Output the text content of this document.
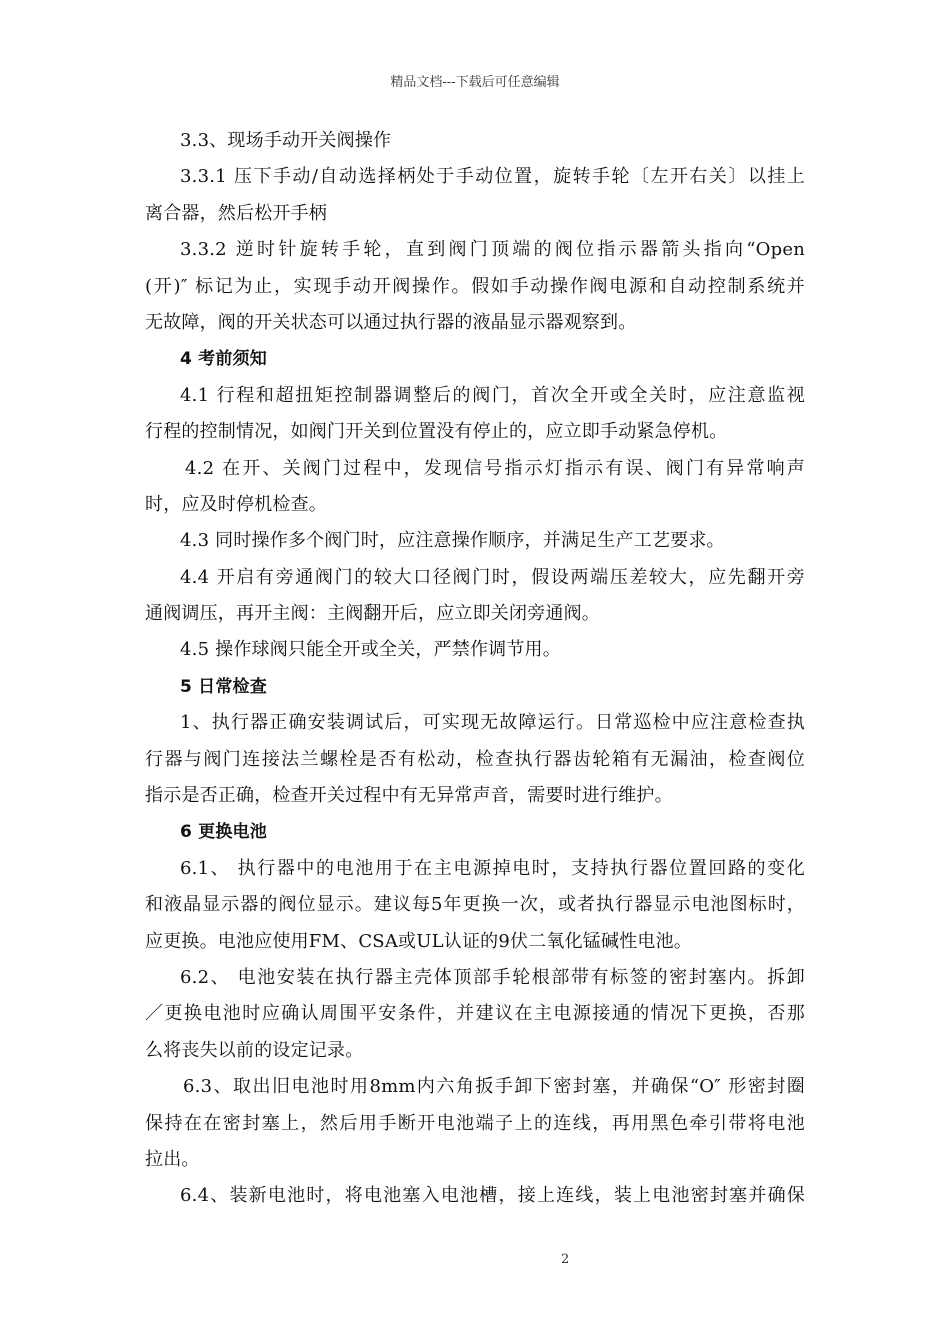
精品文档---下载后可任意编辑
3.3、现场手动开关阀操作
3.3.1 压下手动/自动选择柄处于手动位置，旋转手轮〔左开右关〕以挂上
离合器，然后松开手柄
3.3.2 逆时针旋转手轮，直到阀门顶端的阀位指示器箭头指向“Open
(开)″ 标记为止，实现手动开阀操作。假如手动操作阀电源和自动控制系统并
无故障，阀的开关状态可以通过执行器的液晶显示器观察到。
4 考前须知
4.1 行程和超扭矩控制器调整后的阀门，首次全开或全关时，应注意监视
行程的控制情况，如阀门开关到位置没有停止的，应立即手动紧急停机。
4.2 在开、关阀门过程中，发现信号指示灯指示有误、阀门有异常响声
时，应及时停机检查。
4.3 同时操作多个阀门时，应注意操作顺序，并满足生产工艺要求。
4.4 开启有旁通阀门的较大口径阀门时，假设两端压差较大，应先翻开旁
通阀调压，再开主阀：主阀翻开后，应立即关闭旁通阀。
4.5 操作球阀只能全开或全关，严禁作调节用。
5 日常检查
1、执行器正确安装调试后，可实现无故障运行。日常巡检中应注意检查执
行器与阀门连接法兰螺栓是否有松动，检查执行器齿轮箱有无漏油，检查阀位
指示是否正确，检查开关过程中有无异常声音，需要时进行维护。
6 更换电池
6.1、 执行器中的电池用于在主电源掉电时，支持执行器位置回路的变化
和液晶显示器的阀位显示。建议每5年更换一次，或者执行器显示电池图标时，
应更换。电池应使用FM、CSA或UL认证的9伏二氧化锰碱性电池。
6.2、 电池安装在执行器主壳体顶部手轮根部带有标签的密封塞内。拆卸
／更换电池时应确认周围平安条件，并建议在主电源接通的情况下更换，否那
么将丧失以前的设定记录。
6.3、取出旧电池时用8mm内六角扳手卸下密封塞，并确保“O″ 形密封圈
保持在在密封塞上，然后用手断开电池端子上的连线，再用黑色牵引带将电池
拉出。
6.4、装新电池时，将电池塞入电池槽，接上连线，装上电池密封塞并确保
2
